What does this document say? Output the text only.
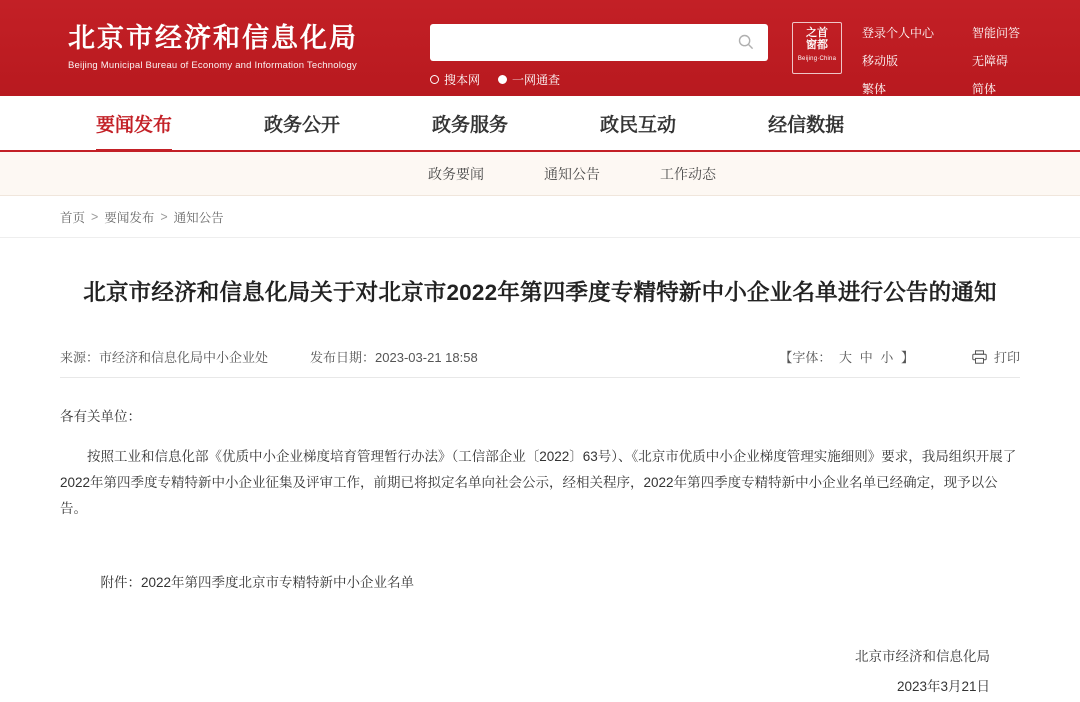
北京市经济和信息化局
Beijing Municipal Bureau of Economy and Information Technology
搜本网	一网通查
之首
窗都
Beijing·China
登录个人中心
移动版
繁体
智能问答
无障碍
简体
要闻发布	政务公开	政务服务	政民互动	经信数据
政务要闻	通知公告	工作动态
首页 > 要闻发布 > 通知公告
北京市经济和信息化局关于对北京市2022年第四季度专精特新中小企业名单进行公告的通知
来源：市经济和信息化局中小企业处	发布日期：2023-03-21 18:58	【字体： 大 中 小 】	打印

各有关单位：

按照工业和信息化部《优质中小企业梯度培育管理暂行办法》（工信部企业〔2022〕63号）、《北京市优质中小企业梯度管理实施细则》要求，我局组织开展了2022年第四季度专精特新中小企业征集及评审工作，前期已将拟定名单向社会公示，经相关程序，2022年第四季度专精特新中小企业名单已经确定，现予以公告。

附件：2022年第四季度北京市专精特新中小企业名单
北京市经济和信息化局
2023年3月21日
